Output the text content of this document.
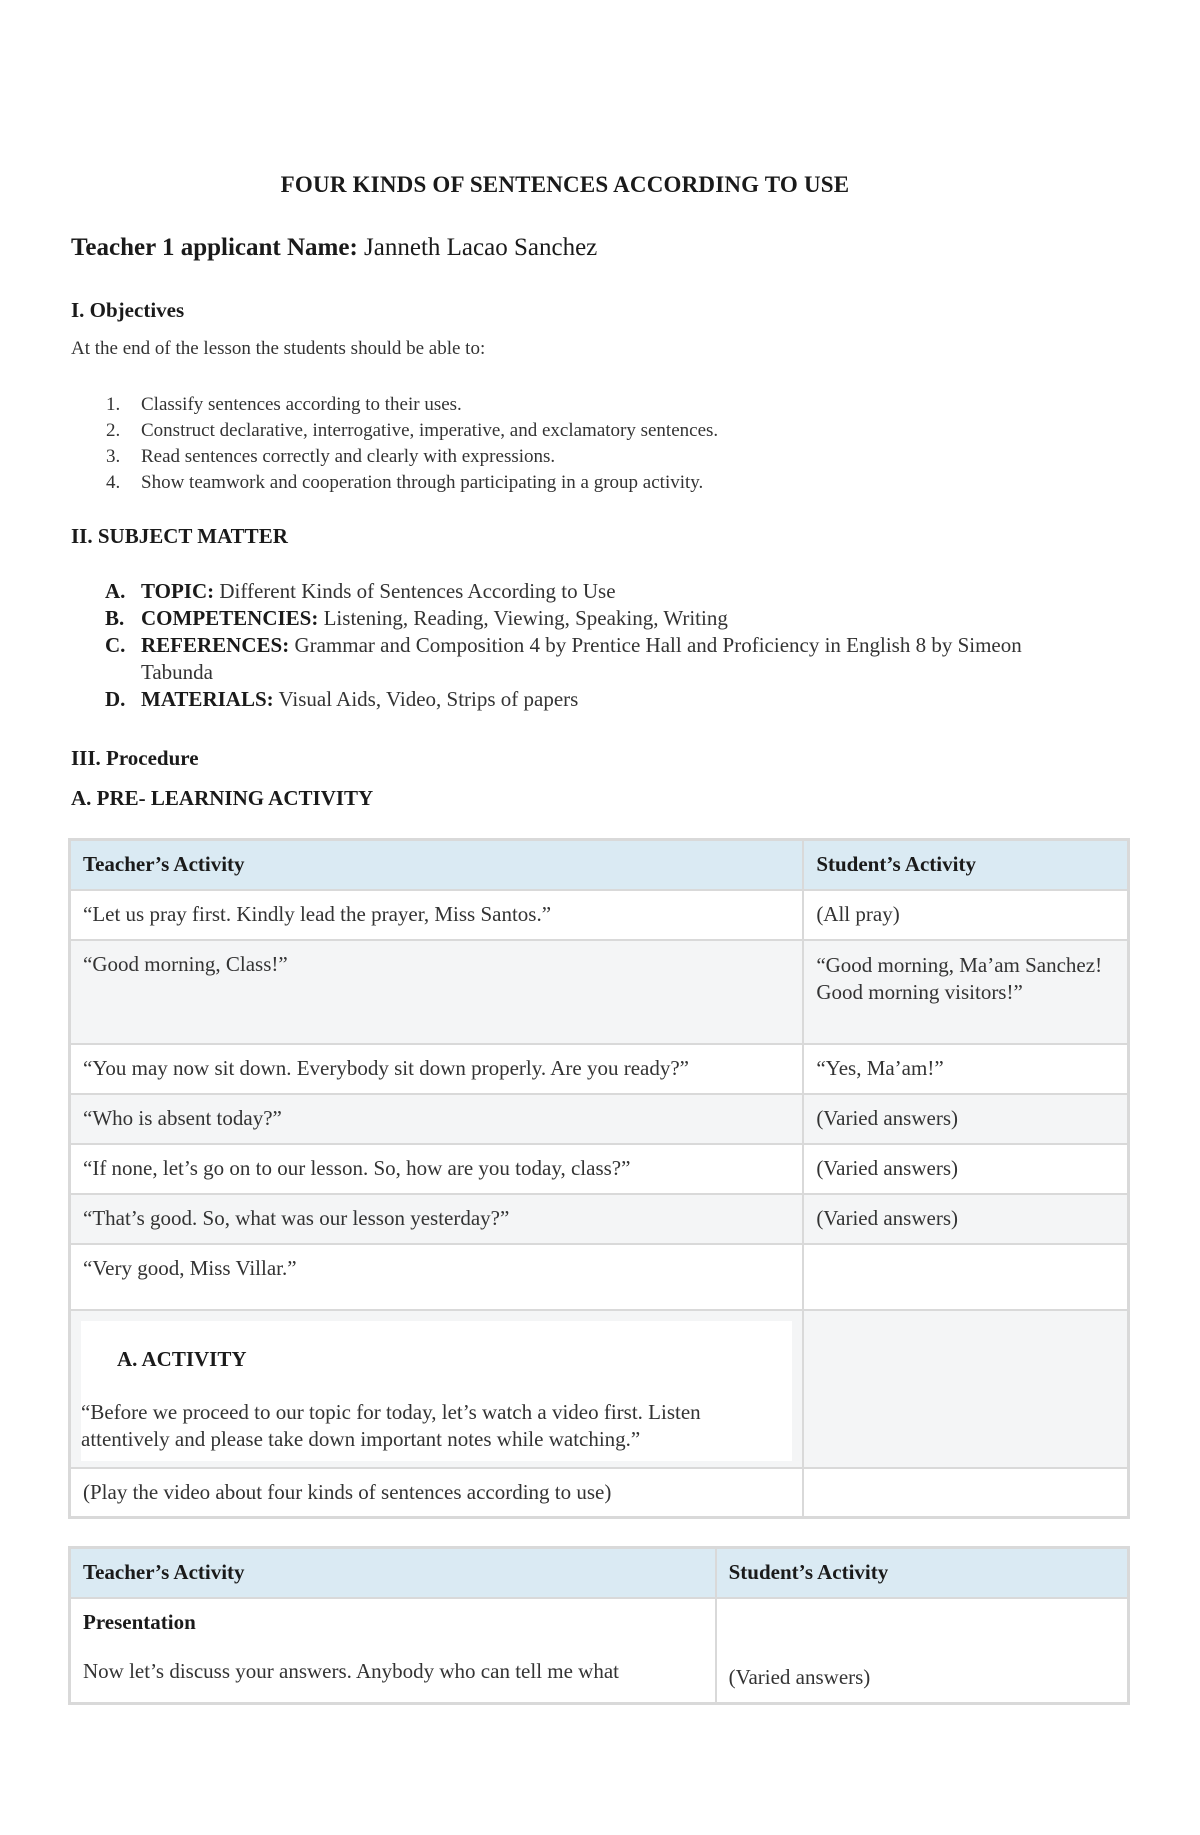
FOUR KINDS OF SENTENCES ACCORDING TO USE
Teacher 1 applicant Name: Janneth Lacao Sanchez
I. Objectives
At the end of the lesson the students should be able to:
1.	Classify sentences according to their uses.
2.	Construct declarative, interrogative, imperative, and exclamatory sentences.
3.	Read sentences correctly and clearly with expressions.
4.	Show teamwork and cooperation through participating in a group activity.
II. SUBJECT MATTER
A. TOPIC: Different Kinds of Sentences According to Use
B. COMPETENCIES: Listening, Reading, Viewing, Speaking, Writing
C. REFERENCES: Grammar and Composition 4 by Prentice Hall and Proficiency in English 8 by Simeon Tabunda
D. MATERIALS: Visual Aids, Video, Strips of papers
III. Procedure
A. PRE- LEARNING ACTIVITY
Teacher’s Activity	Student’s Activity
“Let us pray first. Kindly lead the prayer, Miss Santos.”	(All pray)
“Good morning, Class!”	“Good morning, Ma’am Sanchez! Good morning visitors!”
“You may now sit down. Everybody sit down properly. Are you ready?”	“Yes, Ma’am!”
“Who is absent today?”	(Varied answers)
“If none, let’s go on to our lesson. So, how are you today, class?”	(Varied answers)
“That’s good. So, what was our lesson yesterday?”	(Varied answers)
“Very good, Miss Villar.”	

A. ACTIVITY
“Before we proceed to our topic for today, let’s watch a video first. Listen attentively and please take down important notes while watching.”	

(Play the video about four kinds of sentences according to use)	
Teacher’s Activity	Student’s Activity

Presentation
Now let’s discuss your answers. Anybody who can tell me what	(Varied answers)
